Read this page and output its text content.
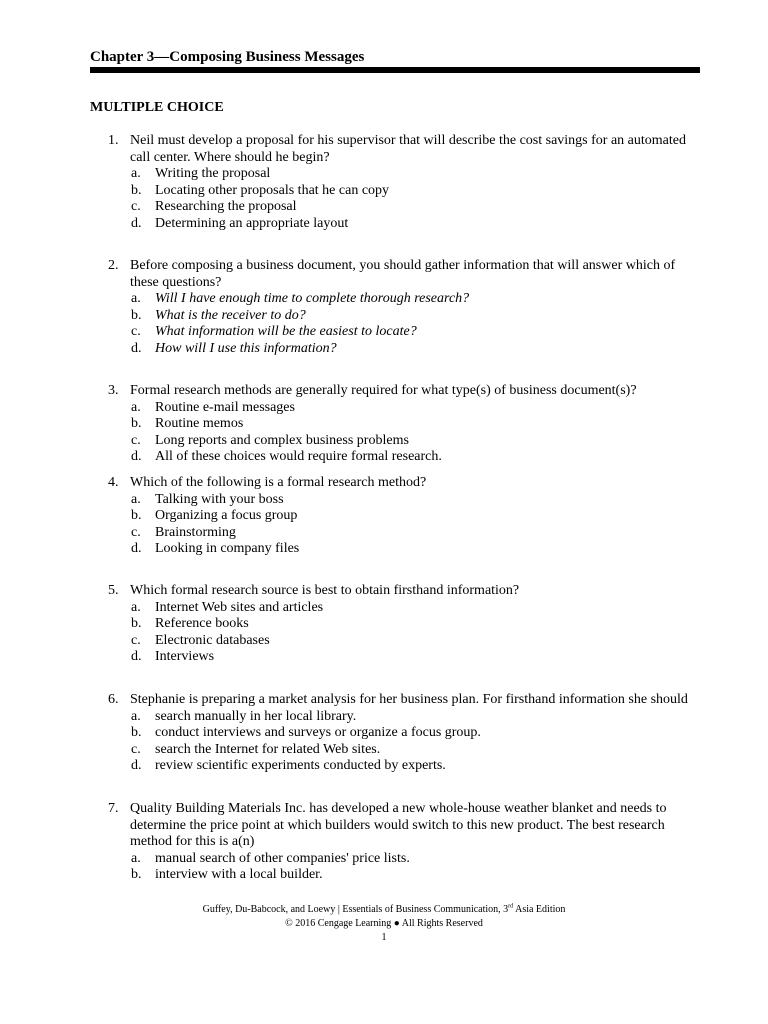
Chapter 3—Composing Business Messages
MULTIPLE CHOICE
1. Neil must develop a proposal for his supervisor that will describe the cost savings for an automated call center. Where should he begin?
a. Writing the proposal
b. Locating other proposals that he can copy
c. Researching the proposal
d. Determining an appropriate layout
2. Before composing a business document, you should gather information that will answer which of these questions?
a. Will I have enough time to complete thorough research?
b. What is the receiver to do?
c. What information will be the easiest to locate?
d. How will I use this information?
3. Formal research methods are generally required for what type(s) of business document(s)?
a. Routine e-mail messages
b. Routine memos
c. Long reports and complex business problems
d. All of these choices would require formal research.
4. Which of the following is a formal research method?
a. Talking with your boss
b. Organizing a focus group
c. Brainstorming
d. Looking in company files
5. Which formal research source is best to obtain firsthand information?
a. Internet Web sites and articles
b. Reference books
c. Electronic databases
d. Interviews
6. Stephanie is preparing a market analysis for her business plan. For firsthand information she should
a. search manually in her local library.
b. conduct interviews and surveys or organize a focus group.
c. search the Internet for related Web sites.
d. review scientific experiments conducted by experts.
7. Quality Building Materials Inc. has developed a new whole-house weather blanket and needs to determine the price point at which builders would switch to this new product. The best research method for this is a(n)
a. manual search of other companies' price lists.
b. interview with a local builder.
Guffey, Du-Babcock, and Loewy | Essentials of Business Communication, 3rd Asia Edition
© 2016 Cengage Learning ● All Rights Reserved
1
